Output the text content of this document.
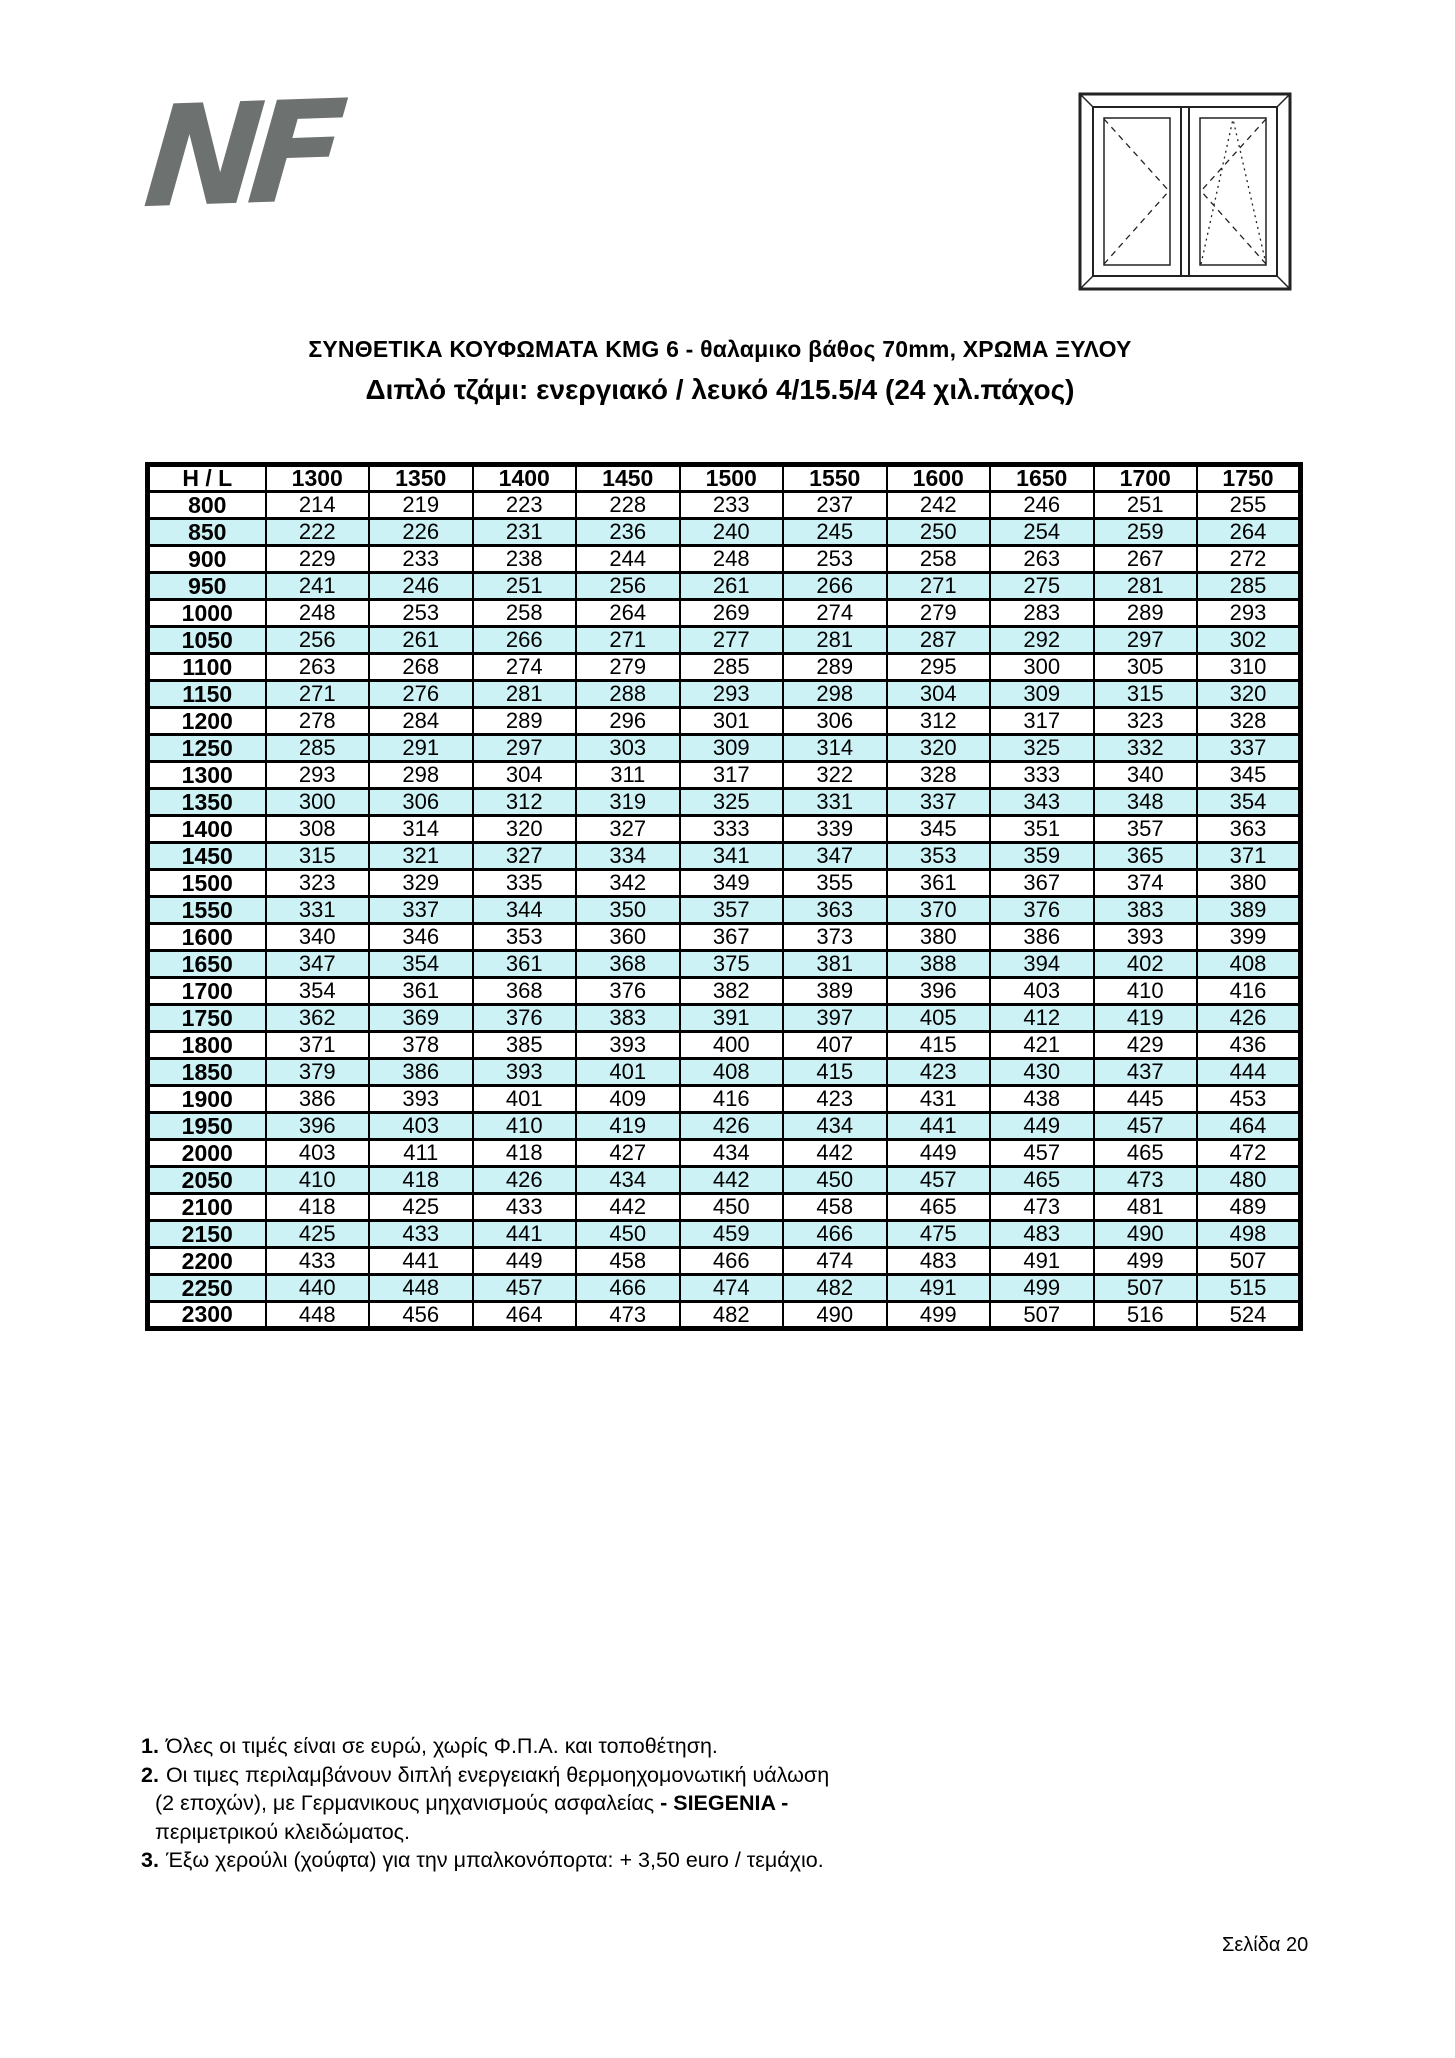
NF
ΣΥΝΘΕΤΙΚΑ ΚΟΥΦΩΜΑΤΑ KMG 6 - θαλαμικο βάθος 70mm, ΧΡΩΜΑ ΞΥΛΟΥ
Διπλό τζάμι: ενεργιακό / λευκό 4/15.5/4 (24 χιλ.πάχος)
H / L	1300	1350	1400	1450	1500	1550	1600	1650	1700	1750
800	214	219	223	228	233	237	242	246	251	255
850	222	226	231	236	240	245	250	254	259	264
900	229	233	238	244	248	253	258	263	267	272
950	241	246	251	256	261	266	271	275	281	285
1000	248	253	258	264	269	274	279	283	289	293
1050	256	261	266	271	277	281	287	292	297	302
1100	263	268	274	279	285	289	295	300	305	310
1150	271	276	281	288	293	298	304	309	315	320
1200	278	284	289	296	301	306	312	317	323	328
1250	285	291	297	303	309	314	320	325	332	337
1300	293	298	304	311	317	322	328	333	340	345
1350	300	306	312	319	325	331	337	343	348	354
1400	308	314	320	327	333	339	345	351	357	363
1450	315	321	327	334	341	347	353	359	365	371
1500	323	329	335	342	349	355	361	367	374	380
1550	331	337	344	350	357	363	370	376	383	389
1600	340	346	353	360	367	373	380	386	393	399
1650	347	354	361	368	375	381	388	394	402	408
1700	354	361	368	376	382	389	396	403	410	416
1750	362	369	376	383	391	397	405	412	419	426
1800	371	378	385	393	400	407	415	421	429	436
1850	379	386	393	401	408	415	423	430	437	444
1900	386	393	401	409	416	423	431	438	445	453
1950	396	403	410	419	426	434	441	449	457	464
2000	403	411	418	427	434	442	449	457	465	472
2050	410	418	426	434	442	450	457	465	473	480
2100	418	425	433	442	450	458	465	473	481	489
2150	425	433	441	450	459	466	475	483	490	498
2200	433	441	449	458	466	474	483	491	499	507
2250	440	448	457	466	474	482	491	499	507	515
2300	448	456	464	473	482	490	499	507	516	524
1. Όλες οι τιμές είναι σε ευρώ, χωρίς Φ.Π.Α. και τοποθέτηση.
2. Οι τιμες περιλαμβάνουν διπλή ενεργειακή θερμοηχομονωτική υάλωση
(2 εποχών), με Γερμανικους μηχανισμούς ασφαλείας - SIEGENIA -
περιμετρικού κλειδώματος.
3. Έξω χερούλι (χούφτα) για την μπαλκονόπορτα: + 3,50 euro / τεμάχιο.
Σελίδα 20
